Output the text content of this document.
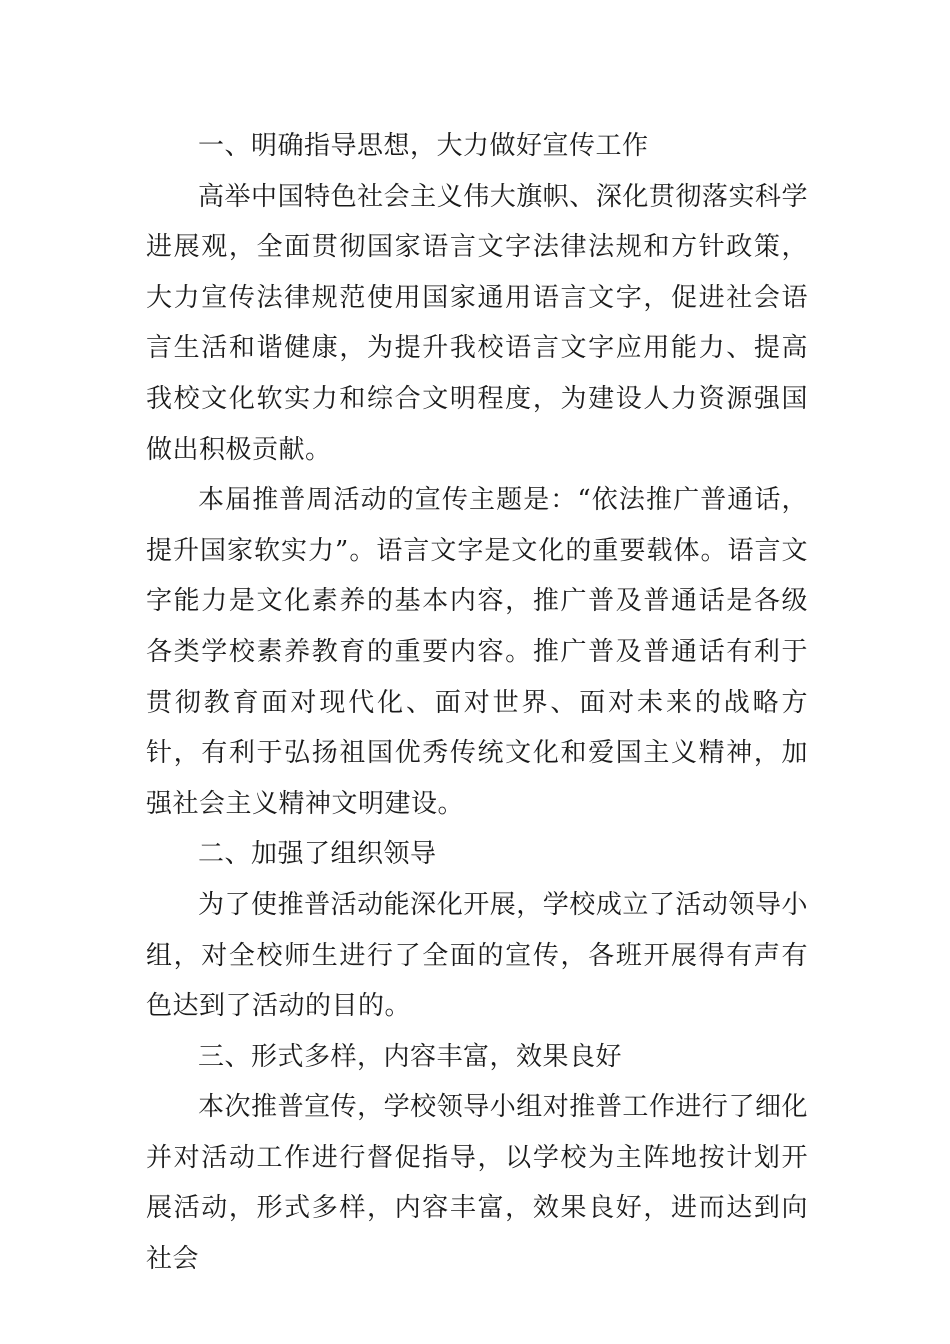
一、明确指导思想，大力做好宣传工作

高举中国特色社会主义伟大旗帜、深化贯彻落实科学进展观，全面贯彻国家语言文字法律法规和方针政策，大力宣传法律规范使用国家通用语言文字，促进社会语言生活和谐健康，为提升我校语言文字应用能力、提高我校文化软实力和综合文明程度，为建设人力资源强国做出积极贡献。

本届推普周活动的宣传主题是：“依法推广普通话，提升国家软实力”。语言文字是文化的重要载体。语言文字能力是文化素养的基本内容，推广普及普通话是各级各类学校素养教育的重要内容。推广普及普通话有利于贯彻教育面对现代化、面对世界、面对未来的战略方针，有利于弘扬祖国优秀传统文化和爱国主义精神，加强社会主义精神文明建设。

二、加强了组织领导

为了使推普活动能深化开展，学校成立了活动领导小组，对全校师生进行了全面的宣传，各班开展得有声有色达到了活动的目的。

三、形式多样，内容丰富，效果良好

本次推普宣传，学校领导小组对推普工作进行了细化并对活动工作进行督促指导，以学校为主阵地按计划开展活动，形式多样，内容丰富，效果良好，进而达到向社会
